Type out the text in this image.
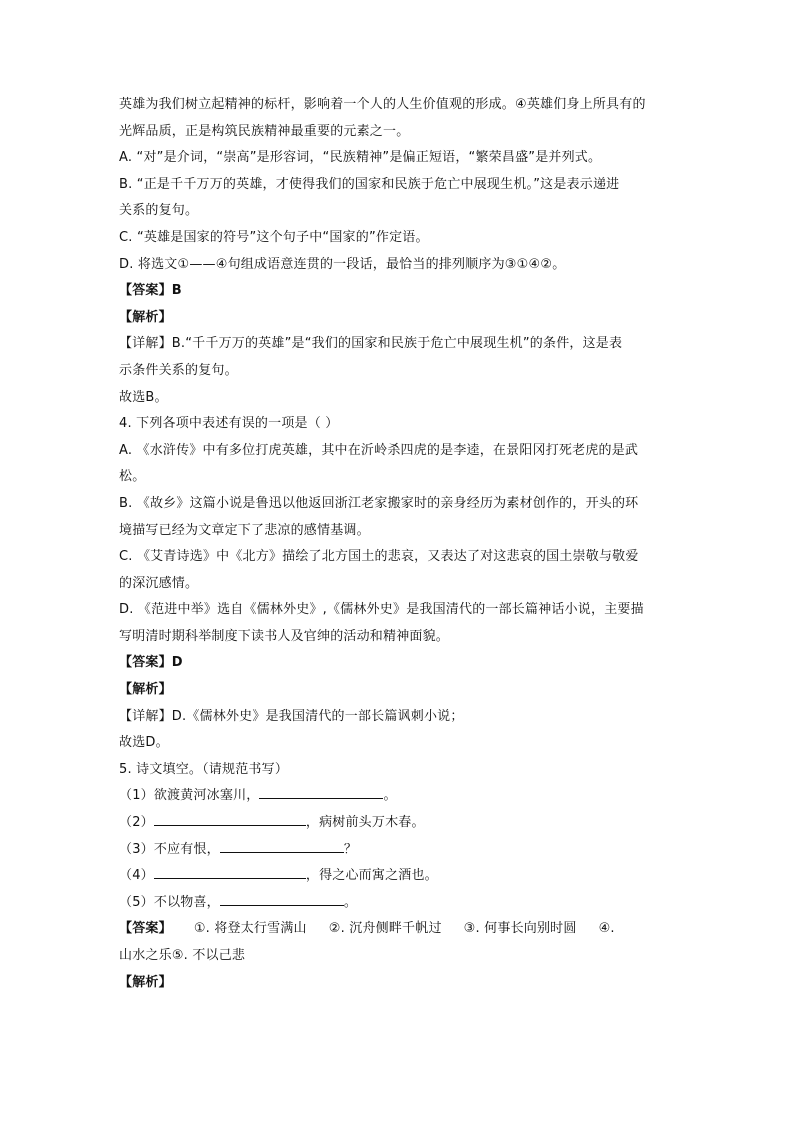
英雄为我们树立起精神的标杆，影响着一个人的人生价值观的形成。④英雄们身上所具有的
光辉品质，正是构筑民族精神最重要的元素之一。
A. “对”是介词，“崇高”是形容词，“民族精神”是偏正短语，“繁荣昌盛”是并列式。
B. “正是千千万万的英雄，才使得我们的国家和民族于危亡中展现生机。”这是表示递进
关系的复句。
C. “英雄是国家的符号”这个句子中“国家的”作定语。
D. 将选文①——④句组成语意连贯的一段话，最恰当的排列顺序为③①④②。
【答案】B
【解析】
【详解】B.“千千万万的英雄”是“我们的国家和民族于危亡中展现生机”的条件，这是表
示条件关系的复句。
故选B。
4. 下列各项中表述有误的一项是（ ）
A. 《水浒传》中有多位打虎英雄，其中在沂岭杀四虎的是李逵，在景阳冈打死老虎的是武
松。
B. 《故乡》这篇小说是鲁迅以他返回浙江老家搬家时的亲身经历为素材创作的，开头的环
境描写已经为文章定下了悲凉的感情基调。
C. 《艾青诗选》中《北方》描绘了北方国土的悲哀，又表达了对这悲哀的国土崇敬与敬爱
的深沉感情。
D. 《范进中举》选自《儒林外史》,《儒林外史》是我国清代的一部长篇神话小说，主要描
写明清时期科举制度下读书人及官绅的活动和精神面貌。
【答案】D
【解析】
【详解】D.《儒林外史》是我国清代的一部长篇讽刺小说；
故选D。
5. 诗文填空。（请规范书写）
（1）欲渡黄河冰塞川，	。
（2）	，病树前头万木春。
（3）不应有恨，	？
（4）	，得之心而寓之酒也。
（5）不以物喜，	。
【答案】 ①. 将登太行雪满山 ②. 沉舟侧畔千帆过 ③. 何事长向别时圆 ④.
山水之乐⑤. 不以己悲
【解析】
